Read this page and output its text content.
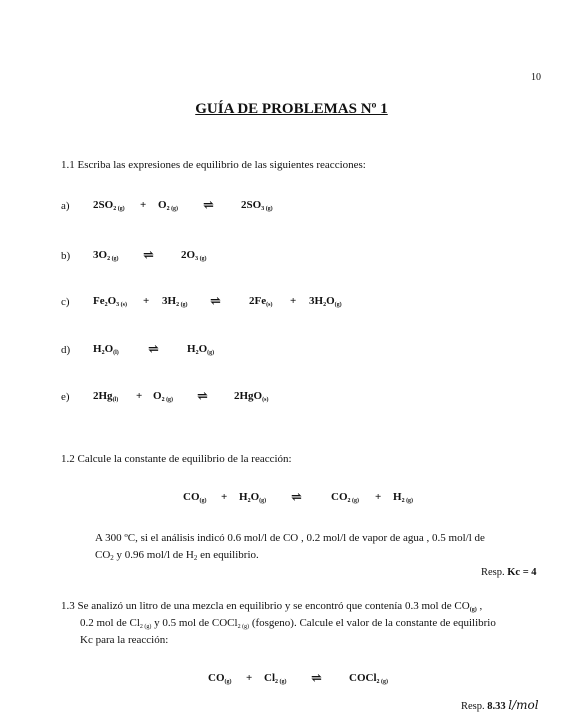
10
GUÍA DE PROBLEMAS Nº 1
1.1 Escriba las expresiones de equilibrio de las siguientes reacciones:
a) 2SO2 (g) + O2 (g) ⇌ 2SO3 (g)
b) 3O2 (g) ⇌ 2O3 (g)
c) Fe2O3 (s) + 3H2 (g) ⇌	2Fe(s) + 3H2O(g)
d) H2O(l) ⇌	H2O(g)
e) 2Hg(l) + O2 (g) ⇌ 2HgO(s)
1.2 Calcule la constante de equilibrio de la reacción:
CO(g) + H2O(g) ⇌	CO2 (g) + H2 (g)
A 300 ºC, si el análisis indicó 0.6 mol/l de CO , 0.2 mol/l de vapor de agua , 0.5 mol/l de
$CO_2$ y 0.96 mol/l de $H_2$ en equilibrio.
Resp. Kc = 4
1.3 Se analizó un litro de una mezcla en equilibrio y se encontró que contenía 0.3 mol de $CO_{(g)}$ ,
0.2 mol de $Cl_{2 (g)}$ y 0.5 mol de COCl$_{2 (g)}$ (fosgeno). Calcule el valor de la constante de equilibrio
Kc para la reacción:
CO(g) + Cl2 (g) ⇌ COCl2 (g)
Resp. 8.33 l/mol
